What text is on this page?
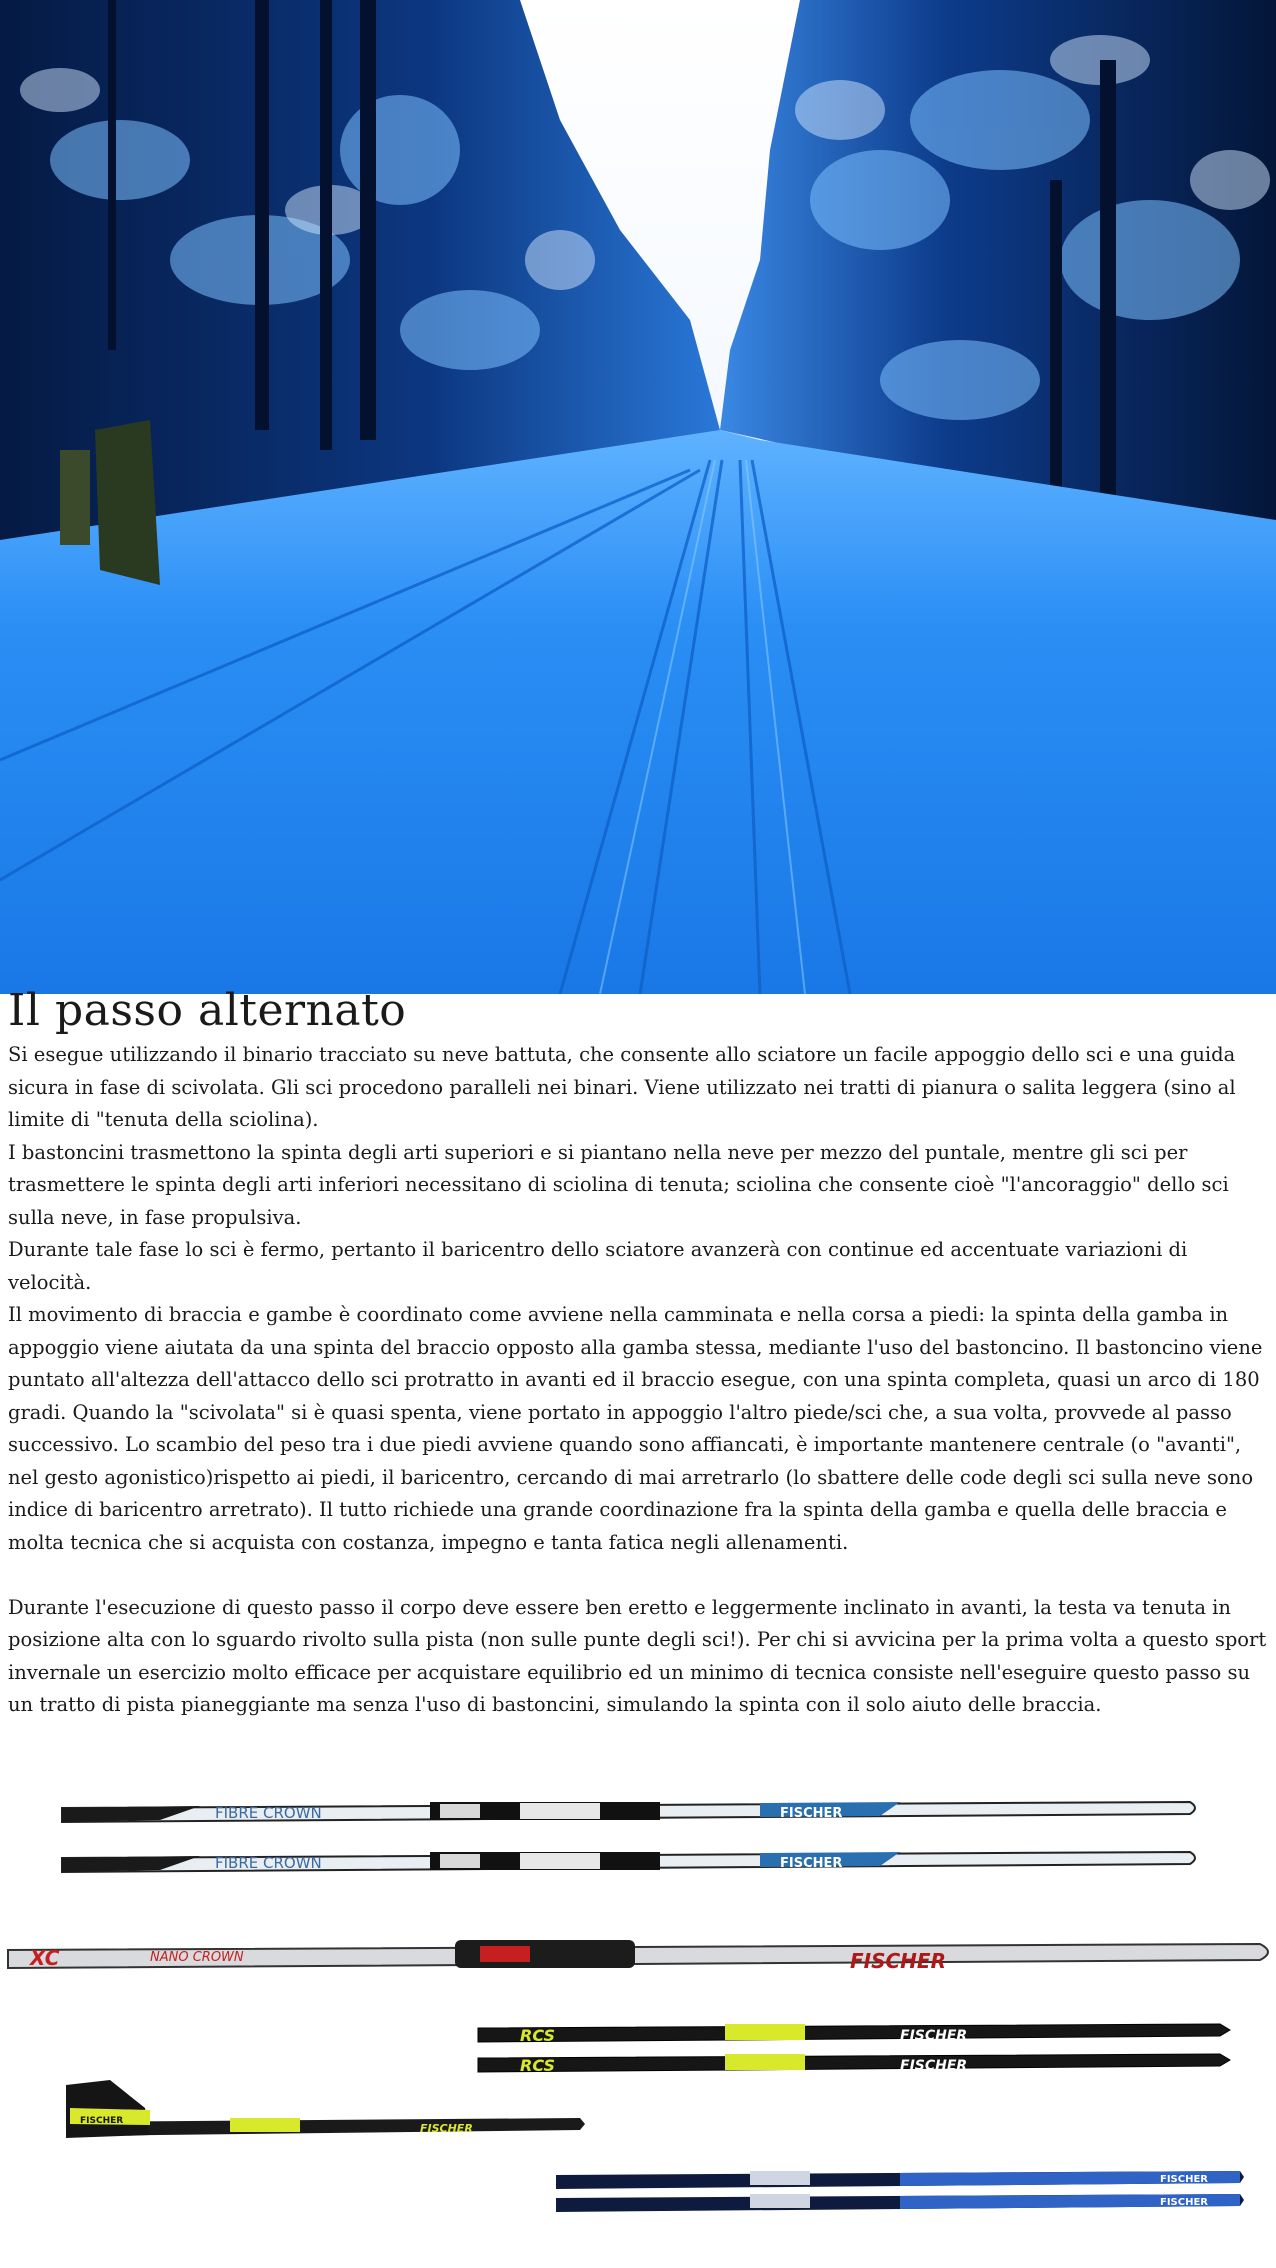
Il passo alternato

Si esegue utilizzando il binario tracciato su neve battuta, che consente allo sciatore un facile appoggio dello sci e una guida sicura in fase di scivolata. Gli sci procedono paralleli nei binari. Viene utilizzato nei tratti di pianura o salita leggera (sino al limite di "tenuta della sciolina).

I bastoncini trasmettono la spinta degli arti superiori e si piantano nella neve per mezzo del puntale, mentre gli sci per trasmettere le spinta degli arti inferiori necessitano di sciolina di tenuta; sciolina che consente cioè "l'ancoraggio" dello sci sulla neve, in fase propulsiva.

Durante tale fase lo sci è fermo, pertanto il baricentro dello sciatore avanzerà con continue ed accentuate variazioni di velocità.

Il movimento di braccia e gambe è coordinato come avviene nella camminata e nella corsa a piedi: la spinta della gamba in appoggio viene aiutata da una spinta del braccio opposto alla gamba stessa, mediante l'uso del bastoncino. Il bastoncino viene puntato all'altezza dell'attacco dello sci protratto in avanti ed il braccio esegue, con una spinta completa, quasi un arco di 180 gradi. Quando la "scivolata" si è quasi spenta, viene portato in appoggio l'altro piede/sci che, a sua volta, provvede al passo successivo. Lo scambio del peso tra i due piedi avviene quando sono affiancati, è importante mantenere centrale (o "avanti", nel gesto agonistico)rispetto ai piedi, il baricentro, cercando di mai arretrarlo (lo sbattere delle code degli sci sulla neve sono indice di baricentro arretrato). Il tutto richiede una grande coordinazione fra la spinta della gamba e quella delle braccia e molta tecnica che si acquista con costanza, impegno e tanta fatica negli allenamenti.

Durante l'esecuzione di questo passo il corpo deve essere ben eretto e leggermente inclinato in avanti, la testa va tenuta in posizione alta con lo sguardo rivolto sulla pista (non sulle punte degli sci!). Per chi si avvicina per la prima volta a questo sport invernale un esercizio molto efficace per acquistare equilibrio ed un minimo di tecnica consiste nell'eseguire questo passo su un tratto di pista pianeggiante ma senza l'uso di bastoncini, simulando la spinta con il solo aiuto delle braccia.

FIBRE CROWN	FISCHER
FIBRE CROWN	FISCHER
XC	NANO CROWN	FISCHER
RCS
RCS
FISCHER
FISCHER
FISCHER
FISCHER
FISCHER
FISCHER
